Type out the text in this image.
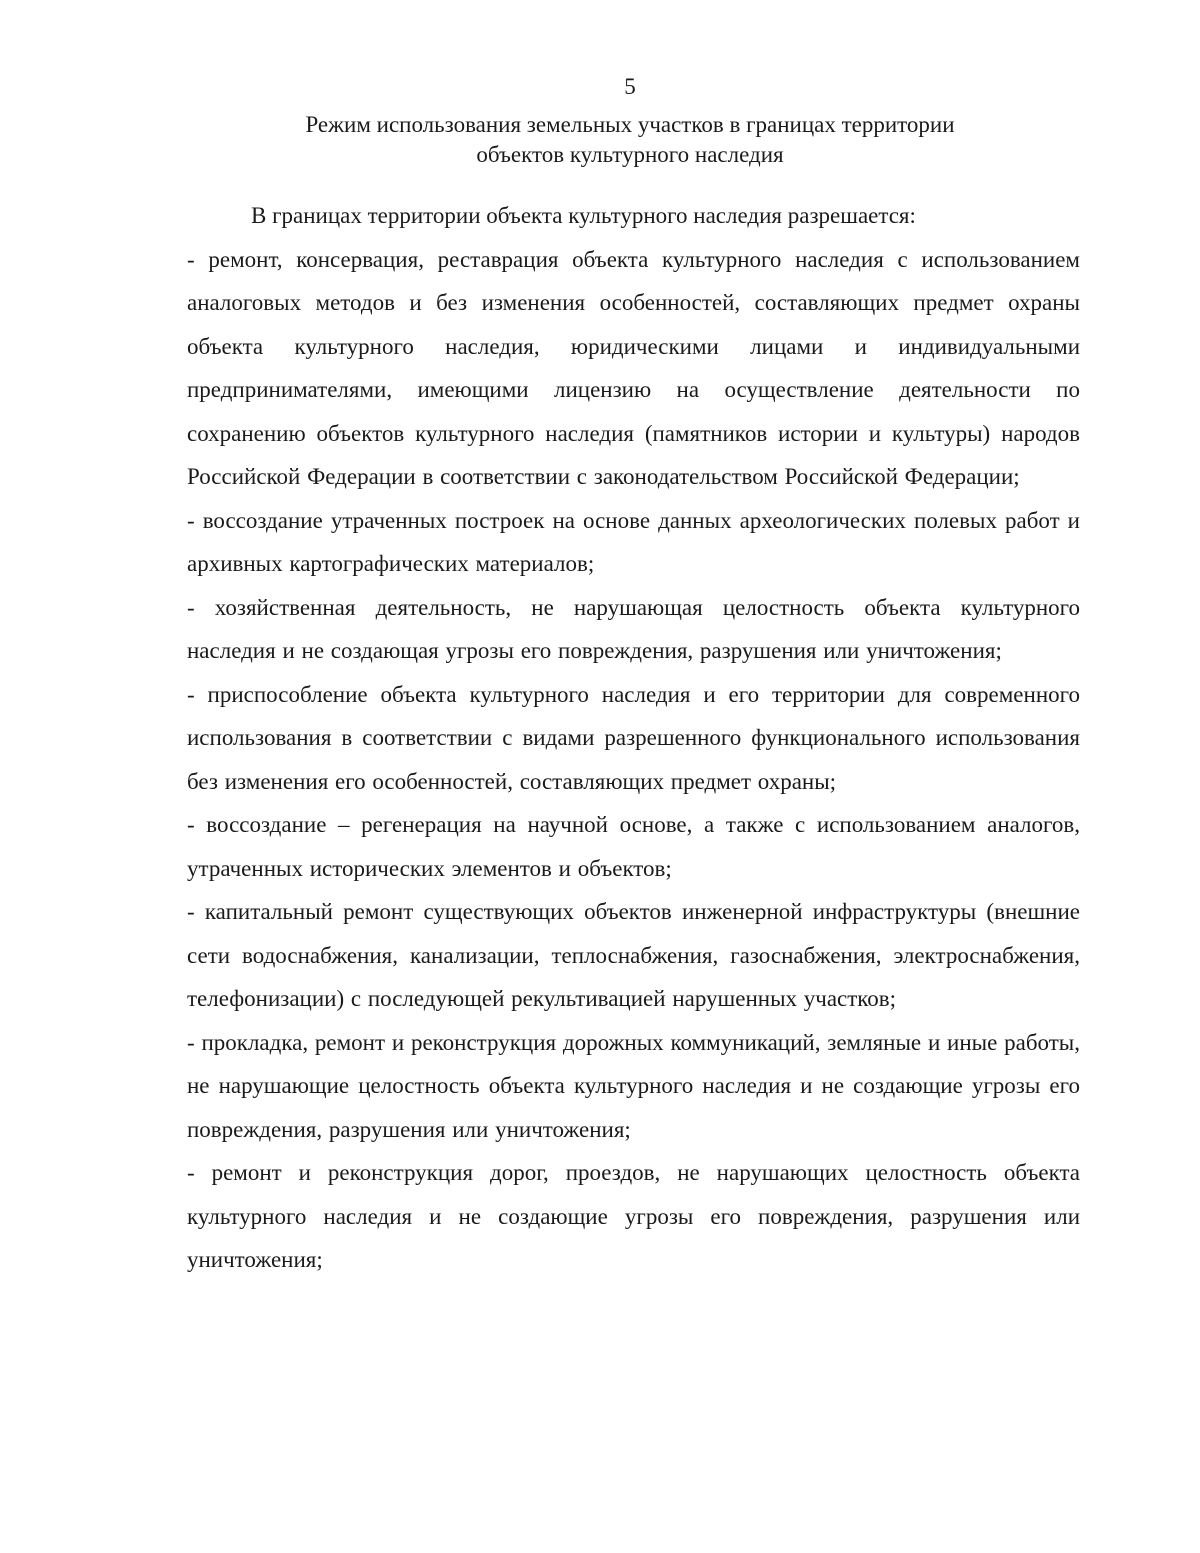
5
Режим использования земельных участков в границах территории
объектов культурного наследия

В границах территории объекта культурного наследия разрешается:

- ремонт, консервация, реставрация объекта культурного наследия с использованием аналоговых методов и без изменения особенностей, составляющих предмет охраны объекта культурного наследия, юридическими лицами и индивидуальными предпринимателями, имеющими лицензию на осуществление деятельности по сохранению объектов культурного наследия (памятников истории и культуры) народов Российской Федерации в соответствии с законодательством Российской Федерации;

- воссоздание утраченных построек на основе данных археологических полевых работ и архивных картографических материалов;

- хозяйственная деятельность, не нарушающая целостность объекта культурного наследия и не создающая угрозы его повреждения, разрушения или уничтожения;

- приспособление объекта культурного наследия и его территории для современного использования в соответствии с видами разрешенного функционального использования без изменения его особенностей, составляющих предмет охраны;

- воссоздание – регенерация на научной основе, а также с использованием аналогов, утраченных исторических элементов и объектов;

- капитальный ремонт существующих объектов инженерной инфраструктуры (внешние сети водоснабжения, канализации, теплоснабжения, газоснабжения, электроснабжения, телефонизации) с последующей рекультивацией нарушенных участков;

- прокладка, ремонт и реконструкция дорожных коммуникаций, земляные и иные работы, не нарушающие целостность объекта культурного наследия и не создающие угрозы его повреждения, разрушения или уничтожения;

- ремонт и реконструкция дорог, проездов, не нарушающих целостность объекта культурного наследия и не создающие угрозы его повреждения, разрушения или уничтожения;
